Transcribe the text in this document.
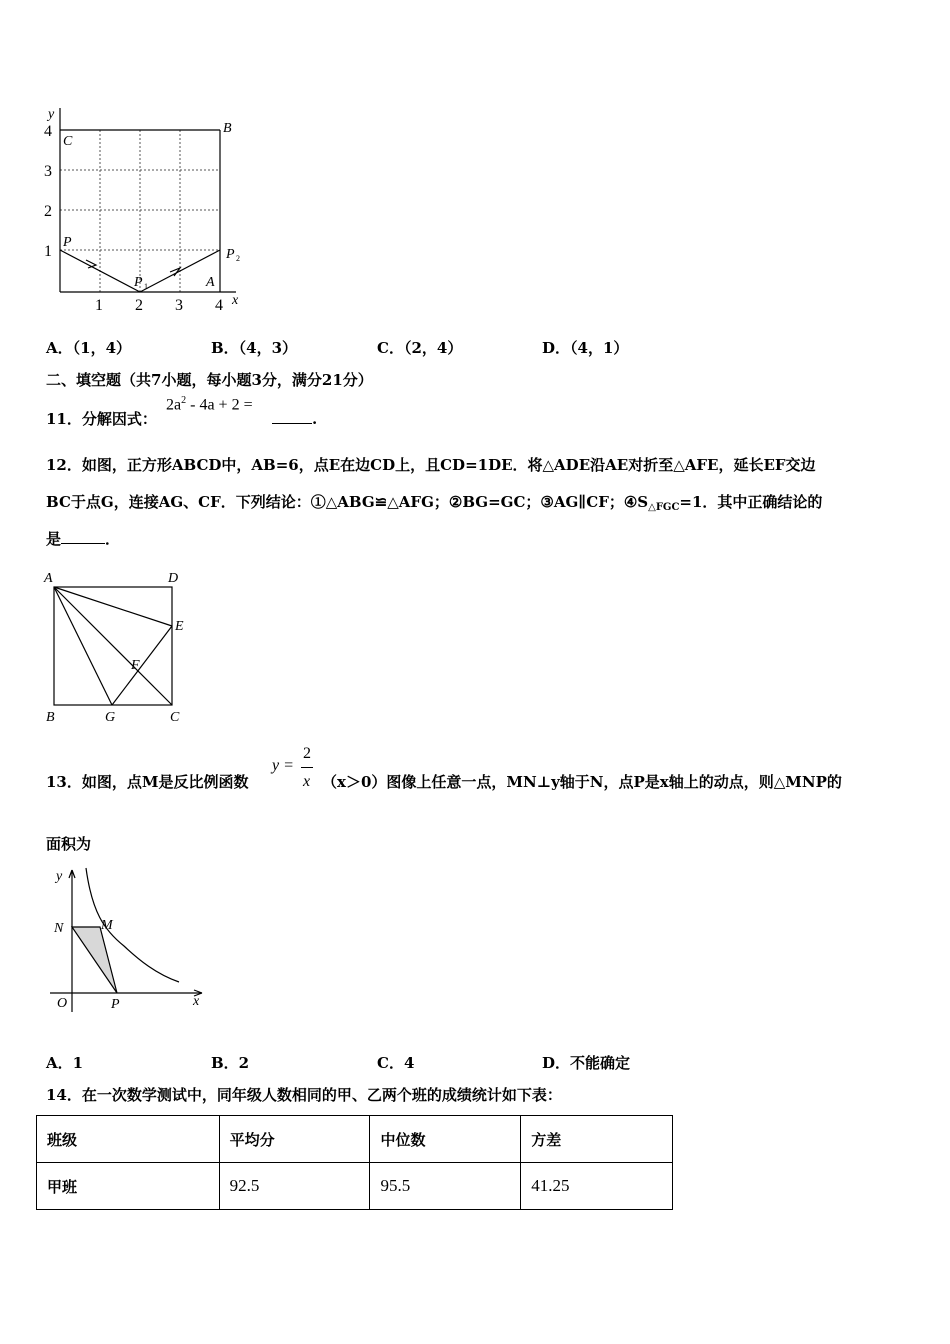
y
x
1
2
3
4
1 2 3 4
B
C
P
P 1
P 2
A
A．（1，4）	B．（4，3）	C．（2，4）	D．（4，1）
二、填空题（共7小题，每小题3分，满分21分）
11．分解因式：
$2a^2 - 4a + 2$ =
.
12．如图，正方形ABCD中，AB=6，点E在边CD上，且CD=1DE．将△ADE沿AE对折至△AFE，延长EF交边
BC于点G，连接AG、CF．下列结论：①△ABG≌△AFG；②BG=GC；③AG∥CF；$④S_{\triangle FGC}=1$．其中正确结论的
是	．
A	D
E
F
B	G	C
13．如图，点M是反比例函数
y =
2
x （x＞0）图像上任意一点，MN⊥y轴于N，点P是x轴上的动点，则△MNP的
面积为
y
x
N	M
O	P
A．1	B．2	C．4	D．不能确定
14．在一次数学测试中，同年级人数相同的甲、乙两个班的成绩统计如下表：
班级	平均分	中位数	方差
甲班	92.5	95.5	41.25
